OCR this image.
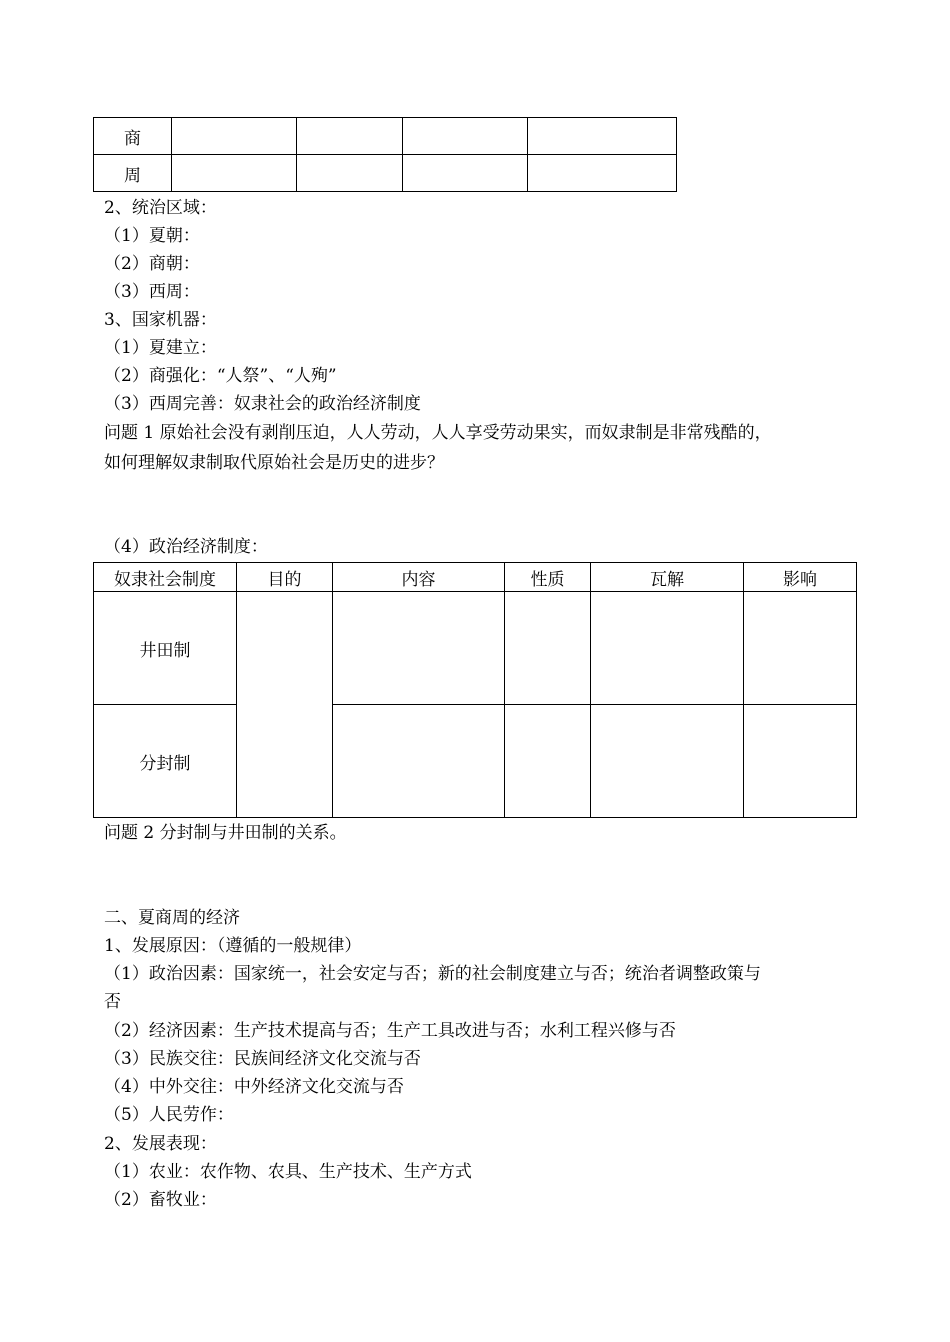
商				
周				
2、统治区域：
（1）夏朝：
（2）商朝：
（3）西周：
3、国家机器：
（1）夏建立：
（2）商强化：“人祭”、“人殉”
（3）西周完善：奴隶社会的政治经济制度
问题 1 原始社会没有剥削压迫，人人劳动，人人享受劳动果实，而奴隶制是非常残酷的，
如何理解奴隶制取代原始社会是历史的进步？
（4）政治经济制度：
奴隶社会制度	目的	内容	性质	瓦解	影响
井田制					
分封制					
问题 2 分封制与井田制的关系。
二、夏商周的经济
1、发展原因：（遵循的一般规律）
（1）政治因素：国家统一，社会安定与否；新的社会制度建立与否；统治者调整政策与
否
（2）经济因素：生产技术提高与否；生产工具改进与否；水利工程兴修与否
（3）民族交往：民族间经济文化交流与否
（4）中外交往：中外经济文化交流与否
（5）人民劳作：
2、发展表现：
（1）农业：农作物、农具、生产技术、生产方式
（2）畜牧业：
